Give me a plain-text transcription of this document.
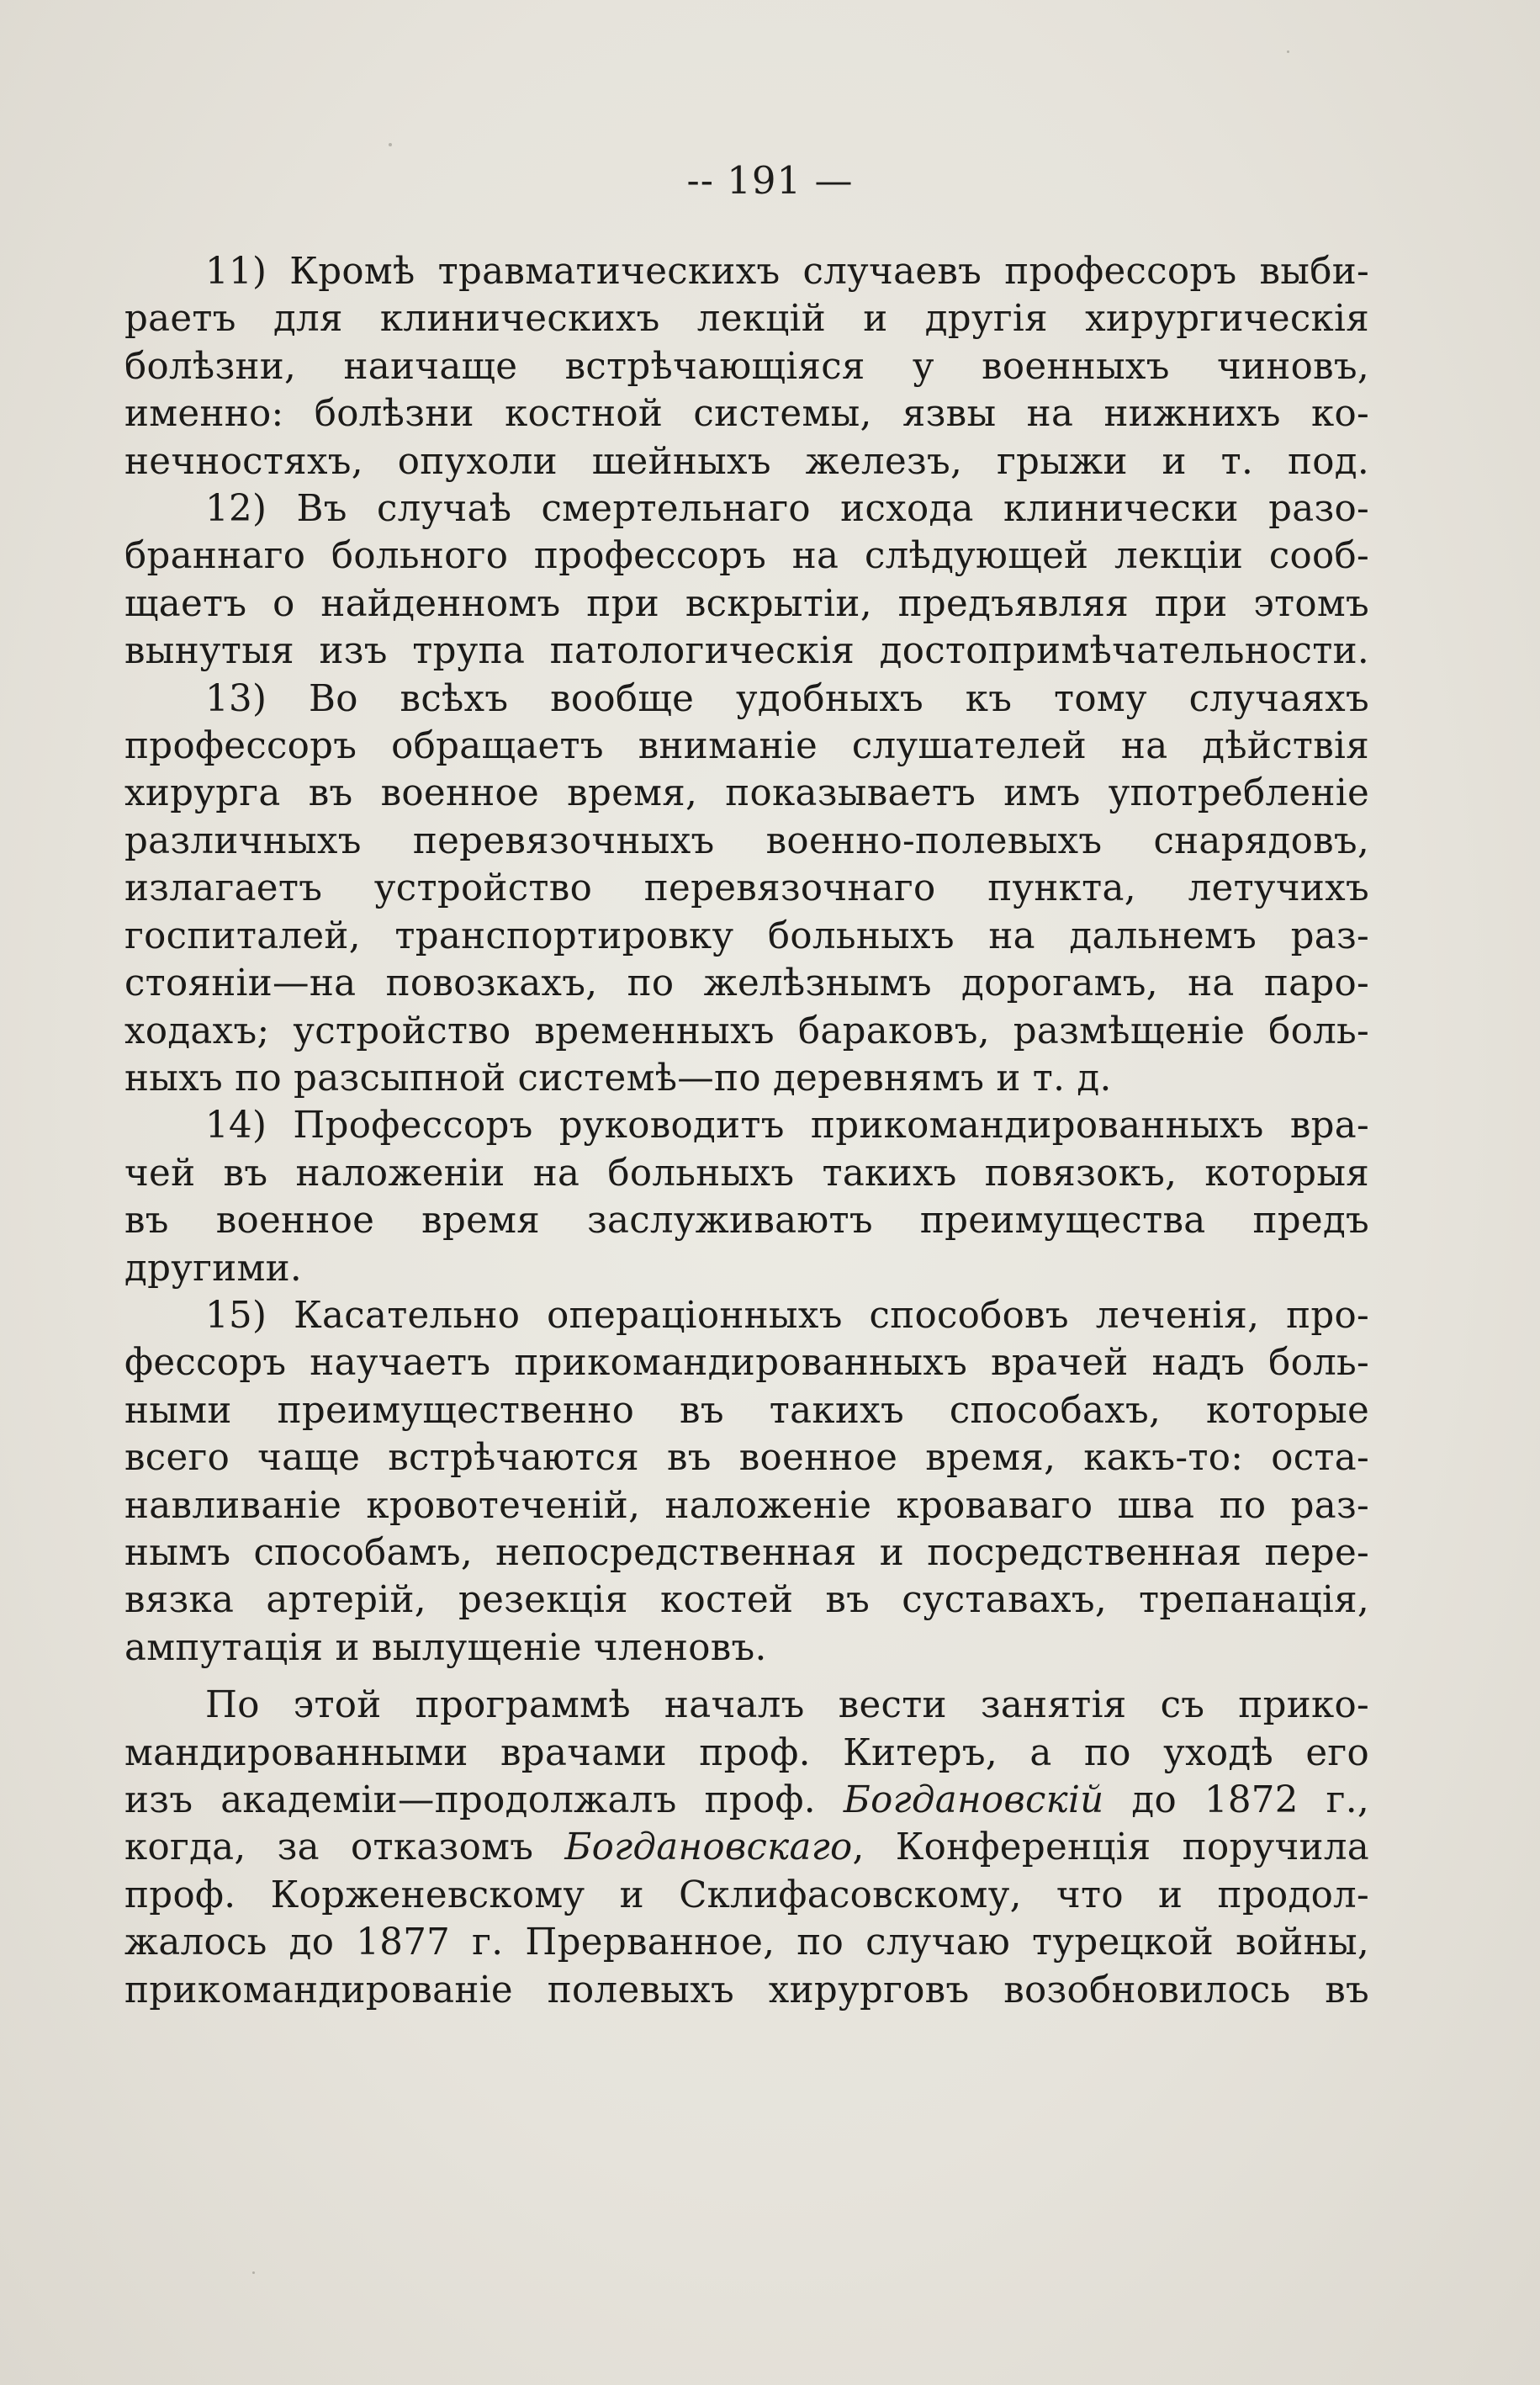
-- 191 —
11) Кромѣ травматическихъ случаевъ профессоръ выби-
раетъ для клиническихъ лекцій и другія хирургическія
болѣзни, наичаще встрѣчающіяся у военныхъ чиновъ,
именно: болѣзни костной системы, язвы на нижнихъ ко-
нечностяхъ, опухоли шейныхъ железъ, грыжи и т. под.
12) Въ случаѣ смертельнаго исхода клинически разо-
браннаго больного профессоръ на слѣдующей лекціи сооб-
щаетъ о найденномъ при вскрытіи, предъявляя при этомъ
вынутыя изъ трупа патологическія достопримѣчательности.
13) Во всѣхъ вообще удобныхъ къ тому случаяхъ
профессоръ обращаетъ вниманіе слушателей на дѣйствія
хирурга въ военное время, показываетъ имъ употребленіе
различныхъ перевязочныхъ военно-полевыхъ снарядовъ,
излагаетъ устройство перевязочнаго пункта, летучихъ
госпиталей, транспортировку больныхъ на дальнемъ раз-
стояніи—на повозкахъ, по желѣзнымъ дорогамъ, на паро-
ходахъ; устройство временныхъ бараковъ, размѣщеніе боль-
ныхъ по разсыпной системѣ—по деревнямъ и т. д.
14) Профессоръ руководитъ прикомандированныхъ вра-
чей въ наложеніи на больныхъ такихъ повязокъ, которыя
въ военное время заслуживаютъ преимущества предъ
другими.
15) Касательно операціонныхъ способовъ леченія, про-
фессоръ научаетъ прикомандированныхъ врачей надъ боль-
ными преимущественно въ такихъ способахъ, которые
всего чаще встрѣчаются въ военное время, какъ-то: оста-
навливаніе кровотеченій, наложеніе кроваваго шва по раз-
нымъ способамъ, непосредственная и посредственная пере-
вязка артерій, резекція костей въ суставахъ, трепанація,
ампутація и вылущеніе членовъ.
По этой программѣ началъ вести занятія съ прико-
мандированными врачами проф. Китеръ, а по уходѣ его
изъ академіи—продолжалъ проф. Богдановскій до 1872 г.,
когда, за отказомъ Богдановскаго, Конференція поручила
проф. Корженевскому и Склифасовскому, что и продол-
жалось до 1877 г. Прерванное, по случаю турецкой войны,
прикомандированіе полевыхъ хирурговъ возобновилось въ
